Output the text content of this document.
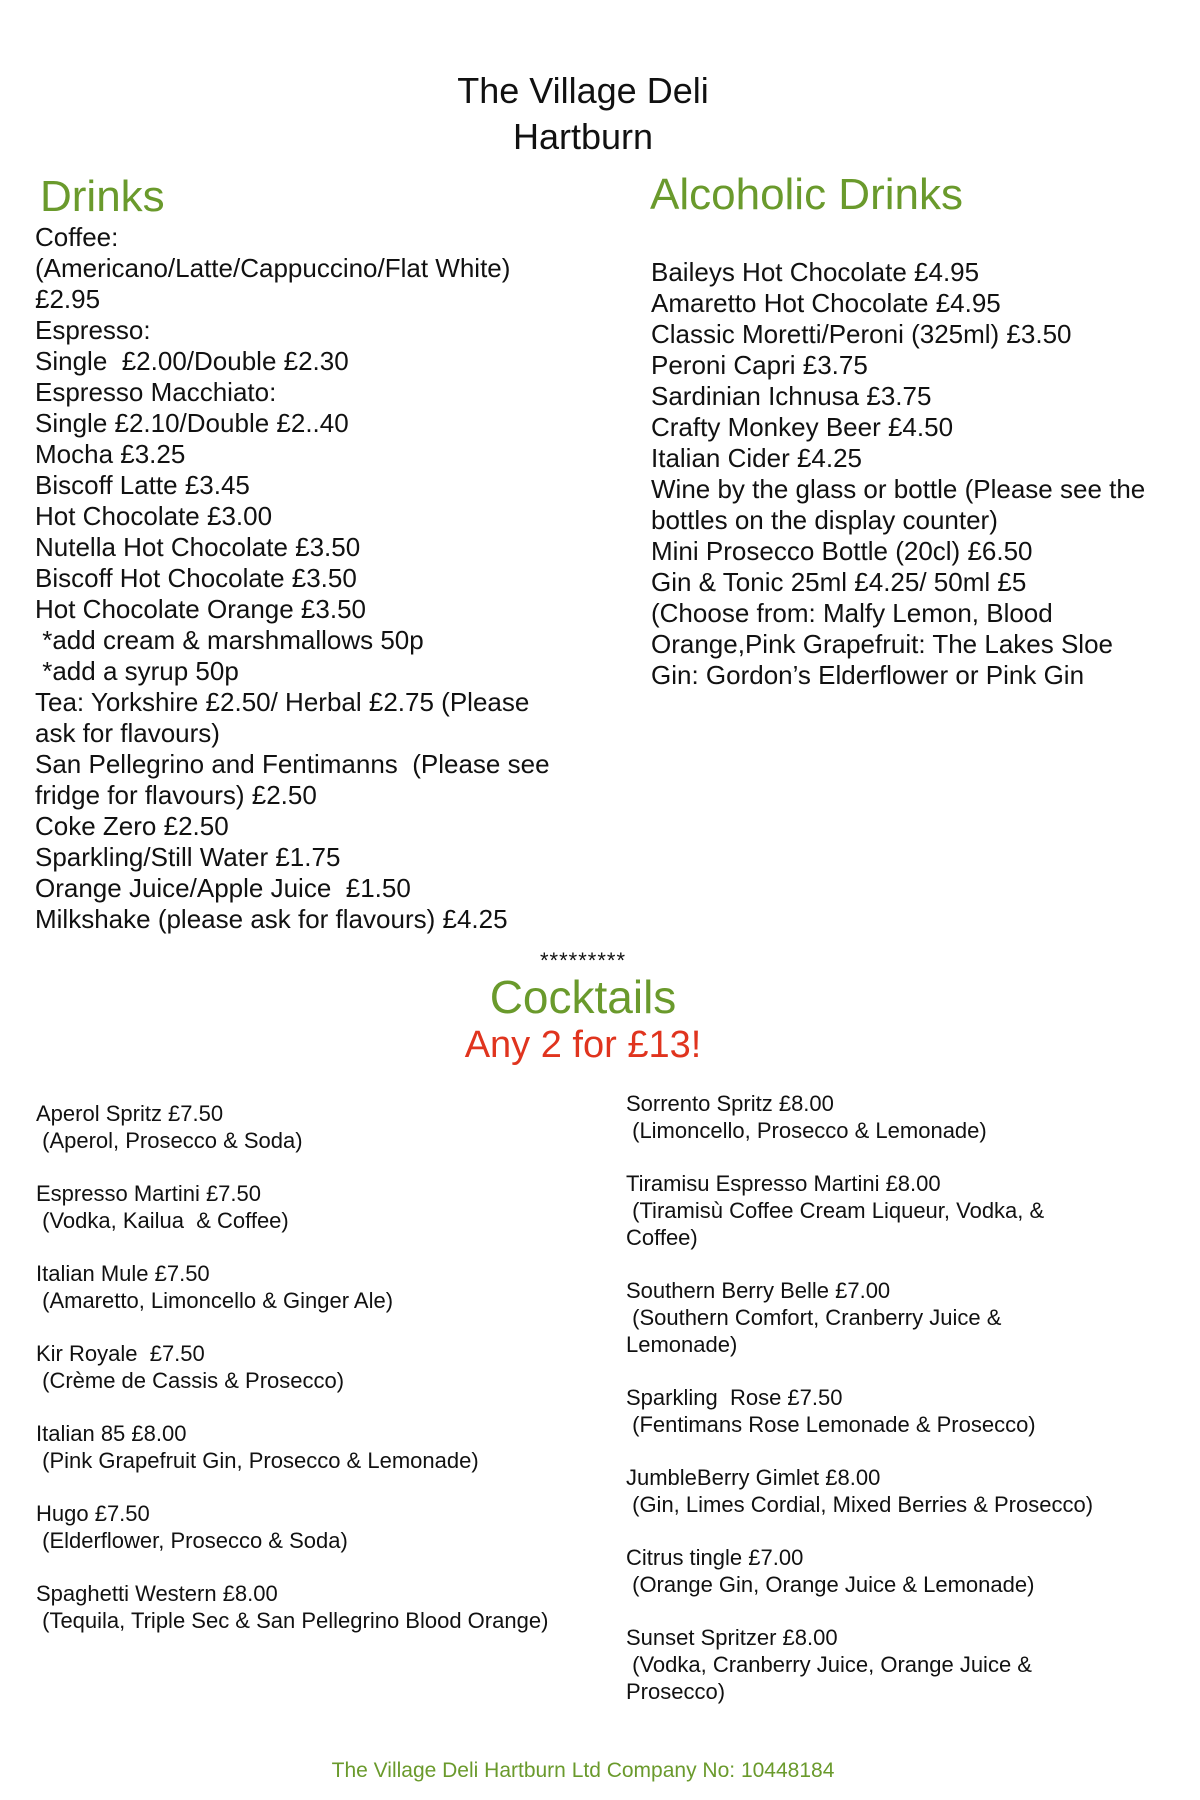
The Village Deli
Hartburn
Drinks
Coffee:
(Americano/Latte/Cappuccino/Flat White)
£2.95
Espresso:
Single  £2.00/Double £2.30
Espresso Macchiato:
Single £2.10/Double £2..40
Mocha £3.25
Biscoff Latte £3.45
Hot Chocolate £3.00
Nutella Hot Chocolate £3.50
Biscoff Hot Chocolate £3.50
Hot Chocolate Orange £3.50
*add cream & marshmallows 50p
*add a syrup 50p
Tea: Yorkshire £2.50/ Herbal £2.75 (Please
ask for flavours)
San Pellegrino and Fentimanns  (Please see
fridge for flavours) £2.50
Coke Zero £2.50
Sparkling/Still Water £1.75
Orange Juice/Apple Juice  £1.50
Milkshake (please ask for flavours) £4.25
Alcoholic Drinks
Baileys Hot Chocolate £4.95
Amaretto Hot Chocolate £4.95
Classic Moretti/Peroni (325ml) £3.50
Peroni Capri £3.75
Sardinian Ichnusa £3.75
Crafty Monkey Beer £4.50
Italian Cider £4.25
Wine by the glass or bottle (Please see the
bottles on the display counter)
Mini Prosecco Bottle (20cl) £6.50
Gin & Tonic 25ml £4.25/ 50ml £5
(Choose from: Malfy Lemon, Blood
Orange,Pink Grapefruit: The Lakes Sloe
Gin: Gordon’s Elderflower or Pink Gin
*********
Cocktails
Any 2 for £13!
Aperol Spritz £7.50
(Aperol, Prosecco & Soda)
Espresso Martini £7.50
(Vodka, Kailua  & Coffee)
Italian Mule £7.50
(Amaretto, Limoncello & Ginger Ale)
Kir Royale  £7.50
(Crème de Cassis & Prosecco)
Italian 85 £8.00
(Pink Grapefruit Gin, Prosecco & Lemonade)
Hugo £7.50
(Elderflower, Prosecco & Soda)
Spaghetti Western £8.00
(Tequila, Triple Sec & San Pellegrino Blood Orange)
Sorrento Spritz £8.00
(Limoncello, Prosecco & Lemonade)
Tiramisu Espresso Martini £8.00
(Tiramisù Coffee Cream Liqueur, Vodka, &
Coffee)
Southern Berry Belle £7.00
(Southern Comfort, Cranberry Juice &
Lemonade)
Sparkling  Rose £7.50
(Fentimans Rose Lemonade & Prosecco)
JumbleBerry Gimlet £8.00
(Gin, Limes Cordial, Mixed Berries & Prosecco)
Citrus tingle £7.00
(Orange Gin, Orange Juice & Lemonade)
Sunset Spritzer £8.00
(Vodka, Cranberry Juice, Orange Juice &
Prosecco)
The Village Deli Hartburn Ltd Company No: 10448184
